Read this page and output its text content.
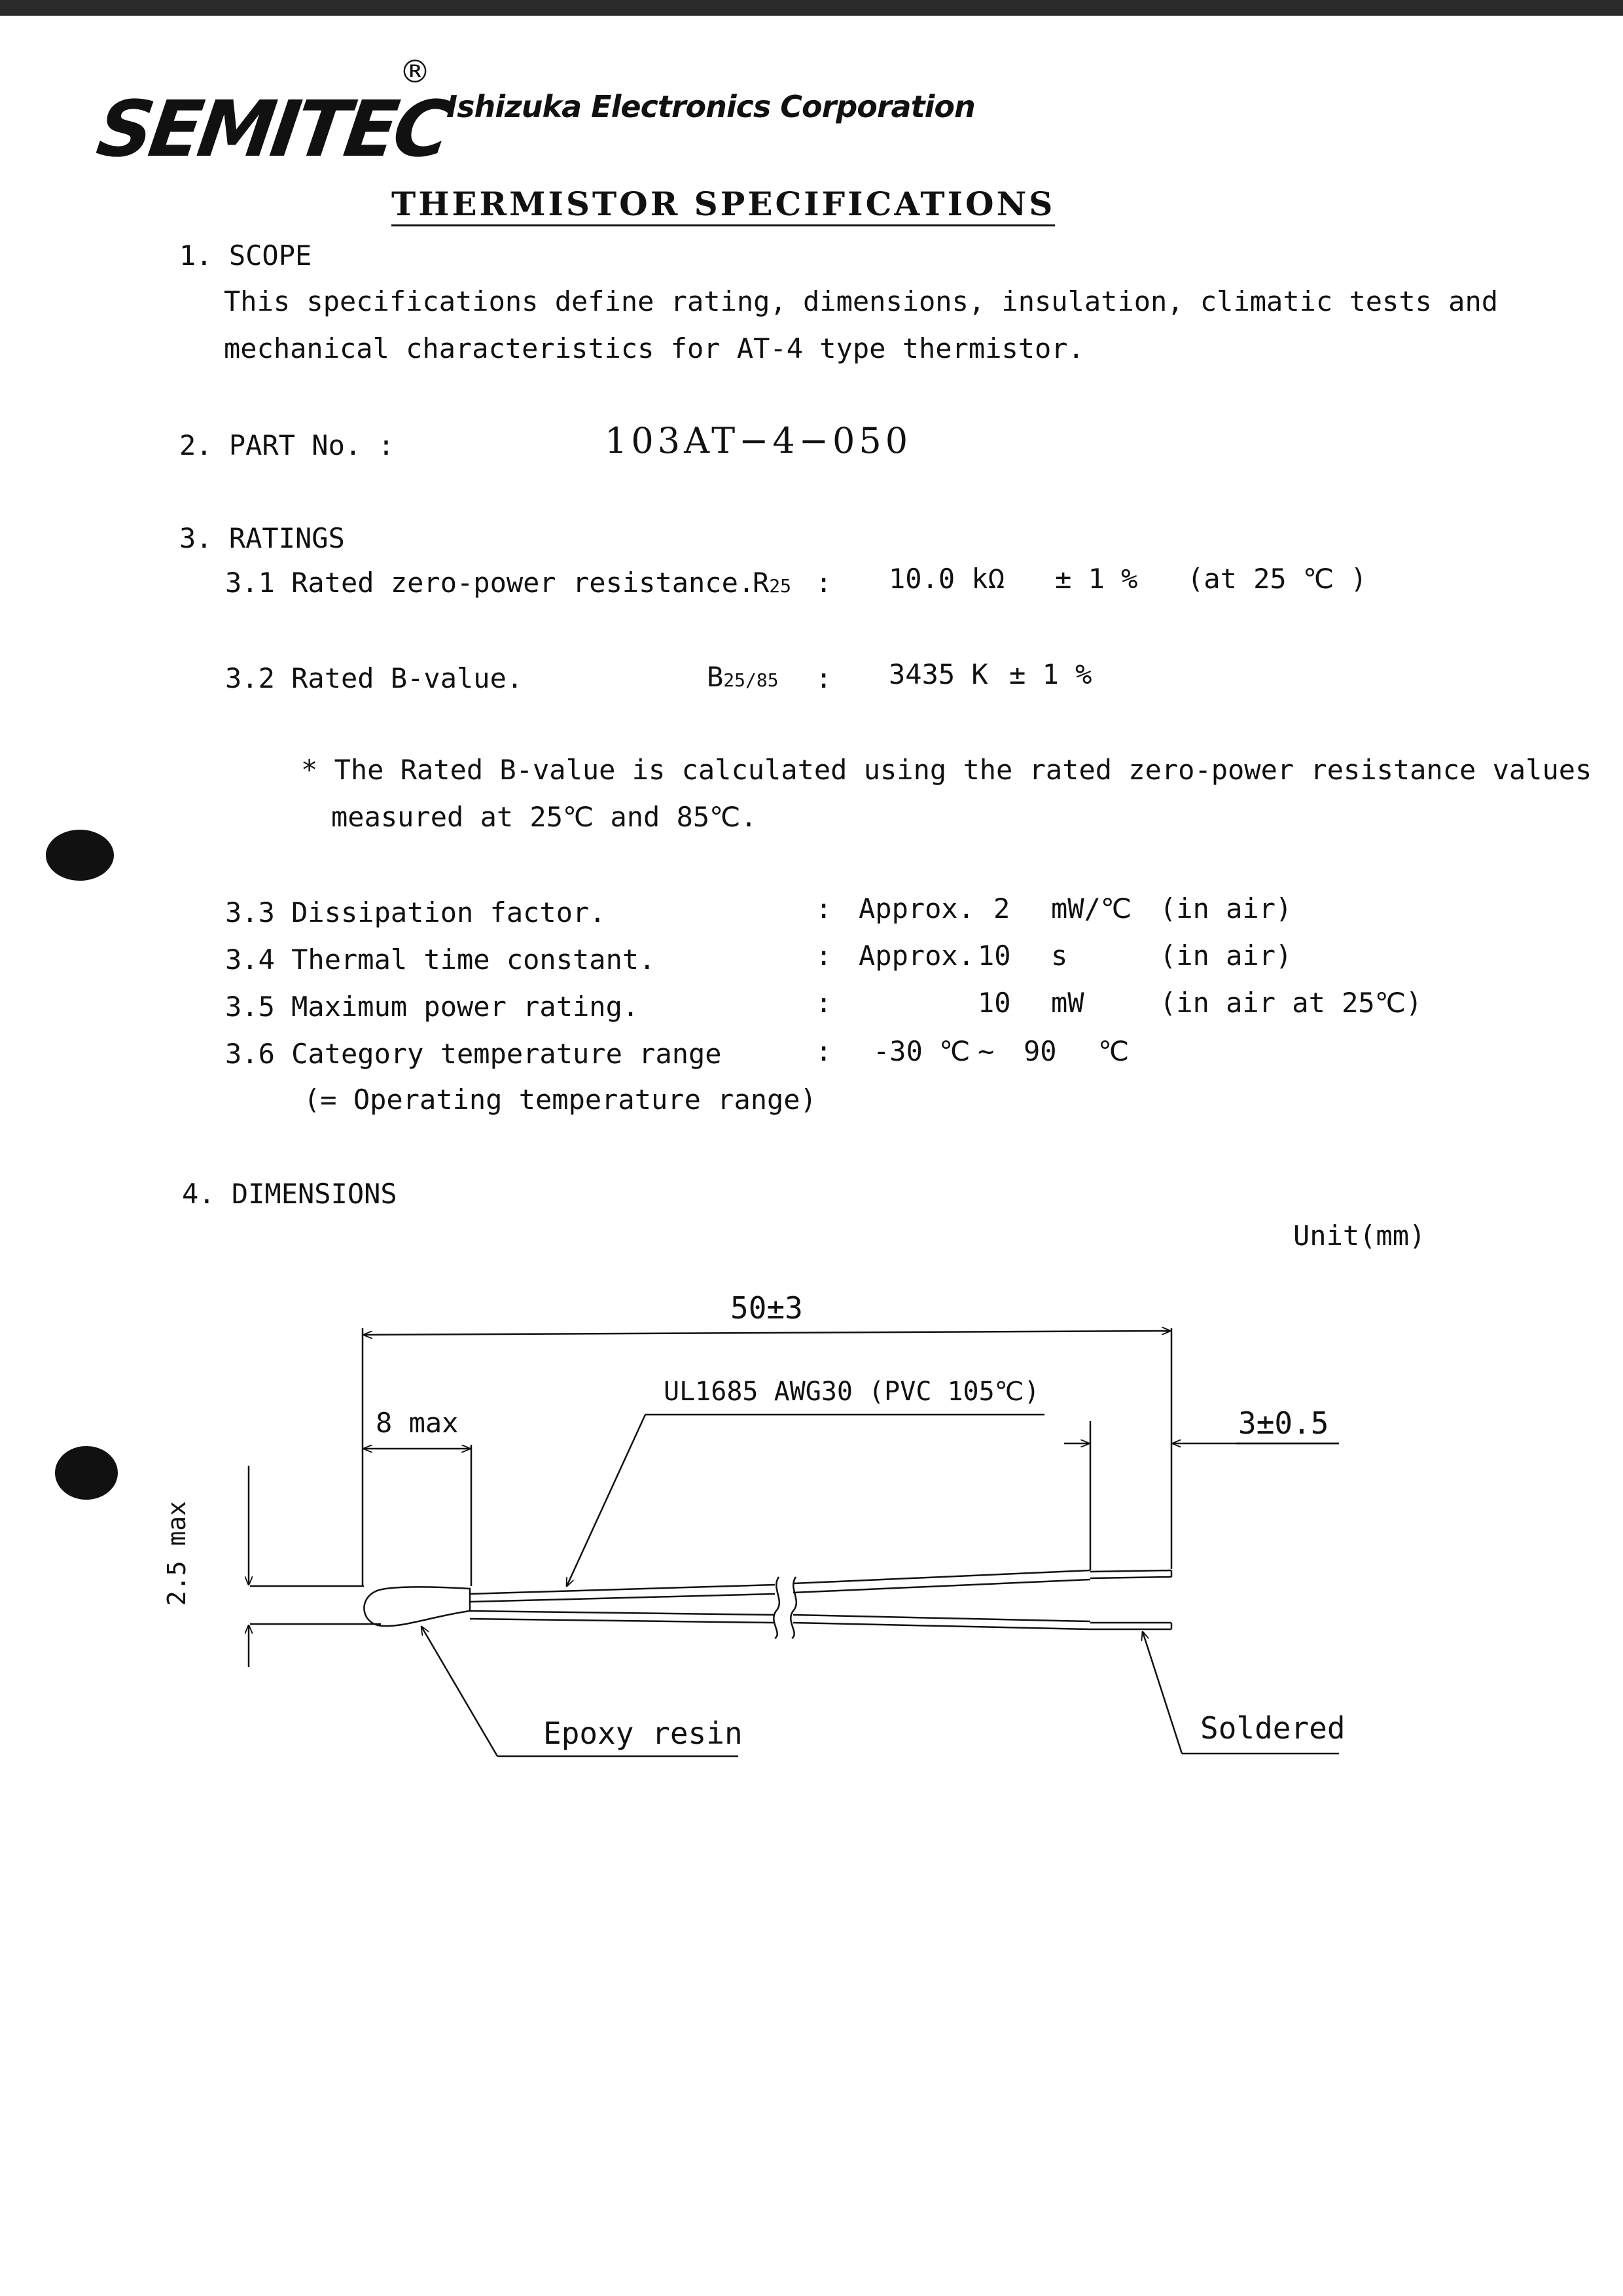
SEMITEC
®
Ishizuka Electronics Corporation
THERMISTOR SPECIFICATIONS
1. SCOPE
This specifications define rating, dimensions, insulation, climatic tests and
mechanical characteristics for AT-4 type thermistor.
2. PART No. :	103AT−4−050
3. RATINGS
3.1 Rated zero-power resistance.
R25 : 10.0 kΩ ± 1 % (at 25 ℃ )
3.2 Rated B-value.	B25/85 : 3435 K ± 1 %
* The Rated B-value is calculated using the rated zero-power resistance values
measured at 25℃ and 85℃.
3.3 Dissipation factor.	: Approx. 2 mW/℃ (in air)
3.4 Thermal time constant.	: Approx. 10 s	(in air)
3.5 Maximum power rating.	:	10 mW	(in air at 25℃)
3.6 Category temperature range	: -30 ℃ ~ 90 ℃
(= Operating temperature range)
4. DIMENSIONS
Unit(mm)
50±3
UL1685 AWG30 (PVC 105℃)
8 max	3±0.5
2.5 max
Epoxy resin	Soldered
